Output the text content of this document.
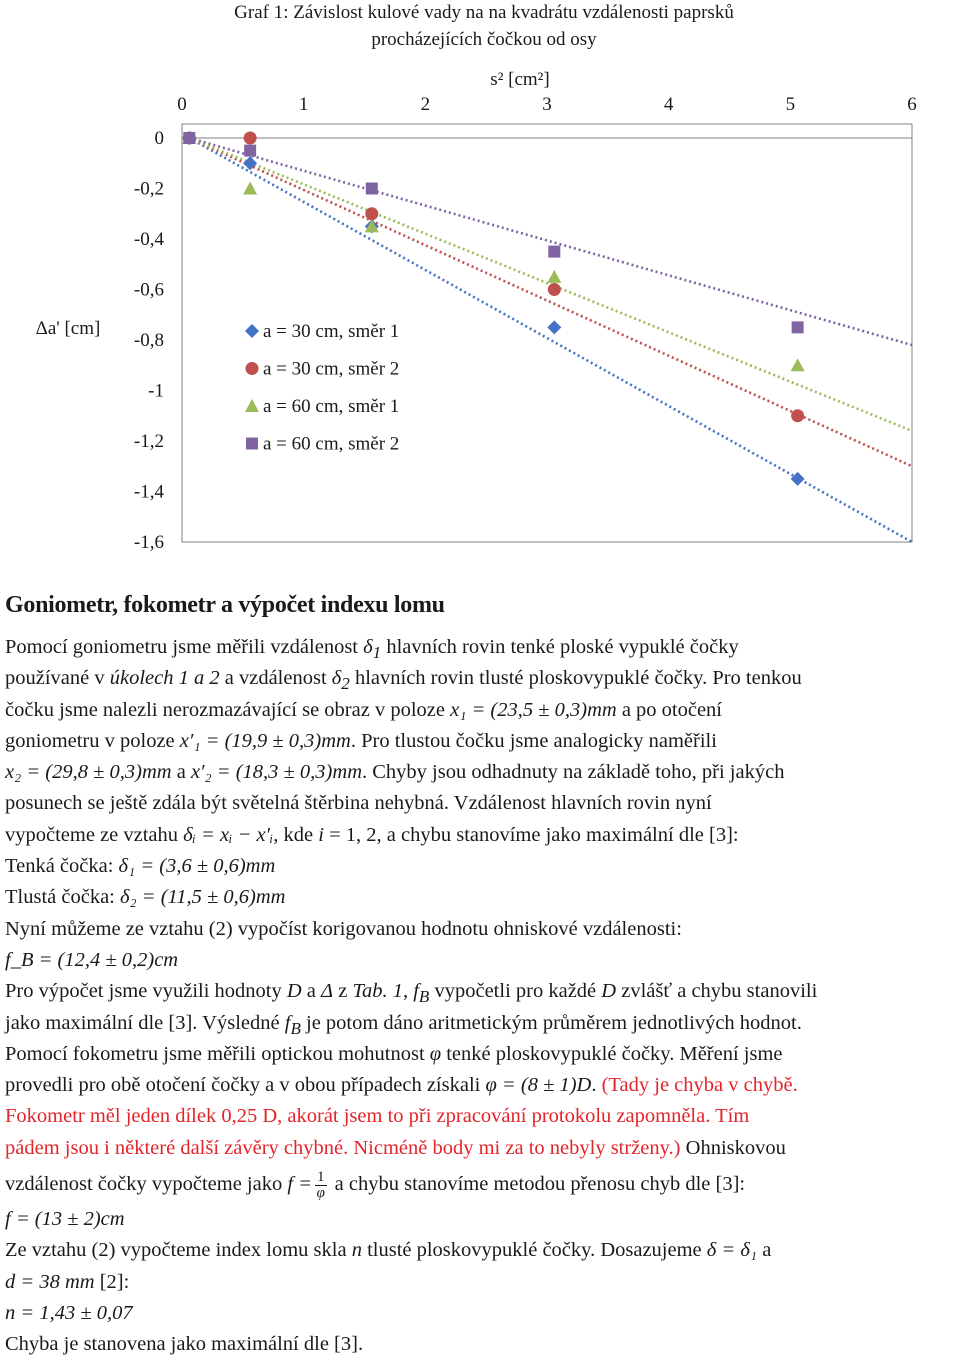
Graf 1: Závislost kulové vady na na kvadrátu vzdálenosti paprsků
procházejících čočkou od osy
s² [cm²]
Δa' [cm]
0	1	2	3	4	5	6
0
-0,2
-0,4
-0,6
-0,8
-1
-1,2
-1,4
-1,6
a = 30 cm, směr 1
a = 30 cm, směr 2
a = 60 cm, směr 1
a = 60 cm, směr 2
Goniometr, fokometr a výpočet indexu lomu
Pomocí goniometru jsme měřili vzdálenost $\delta_1$ hlavních rovin tenké ploské vypuklé čočky
používané v úkolech 1 a 2 a vzdálenost $\delta_2$ hlavních rovin tlusté ploskovypuklé čočky. Pro tenkou
čočku jsme nalezli nerozmazávající se obraz v poloze x₁ = (23,5 ± 0,3)mm a po otočení
goniometru v poloze x′₁ = (19,9 ± 0,3)mm. Pro tlustou čočku jsme analogicky naměřili
x₂ = (29,8 ± 0,3)mm a x′₂ = (18,3 ± 0,3)mm. Chyby jsou odhadnuty na základě toho, při jakých
posunech se ještě zdála být světelná štěrbina nehybná. Vzdálenost hlavních rovin nyní
vypočteme ze vztahu δᵢ = xᵢ − x′ᵢ, kde i = 1, 2, a chybu stanovíme jako maximální dle [3]:
Tenká čočka: δ₁ = (3,6 ± 0,6)mm
Tlustá čočka: δ₂ = (11,5 ± 0,6)mm
Nyní můžeme ze vztahu (2) vypočíst korigovanou hodnotu ohniskové vzdálenosti:
f_B = (12,4 ± 0,2)cm
Pro výpočet jsme využili hodnoty D a Δ z Tab. 1, $f_B$ vypočetli pro každé D zvlášť a chybu stanovili
jako maximální dle [3]. Výsledné $f_B$ je potom dáno aritmetickým průměrem jednotlivých hodnot.
Pomocí fokometru jsme měřili optickou mohutnost φ tenké ploskovypuklé čočky. Měření jsme
provedli pro obě otočení čočky a v obou případech získali φ = (8 ± 1)D. (Tady je chyba v chybě.
Fokometr měl jeden dílek 0,25 D, akorát jsem to při zpracování protokolu zapomněla. Tím
pádem jsou i některé další závěry chybné. Nicméně body mi za to nebyly strženy.) Ohniskovou
vzdálenost čočky vypočteme jako $f = \frac{1}{\varphi}$ a chybu stanovíme metodou přenosu chyb dle [3]:
f = (13 ± 2)cm
Ze vztahu (2) vypočteme index lomu skla n tlusté ploskovypuklé čočky. Dosazujeme δ = δ₁ a
d = 38 mm [2]:
n = 1,43 ± 0,07
Chyba je stanovena jako maximální dle [3].
